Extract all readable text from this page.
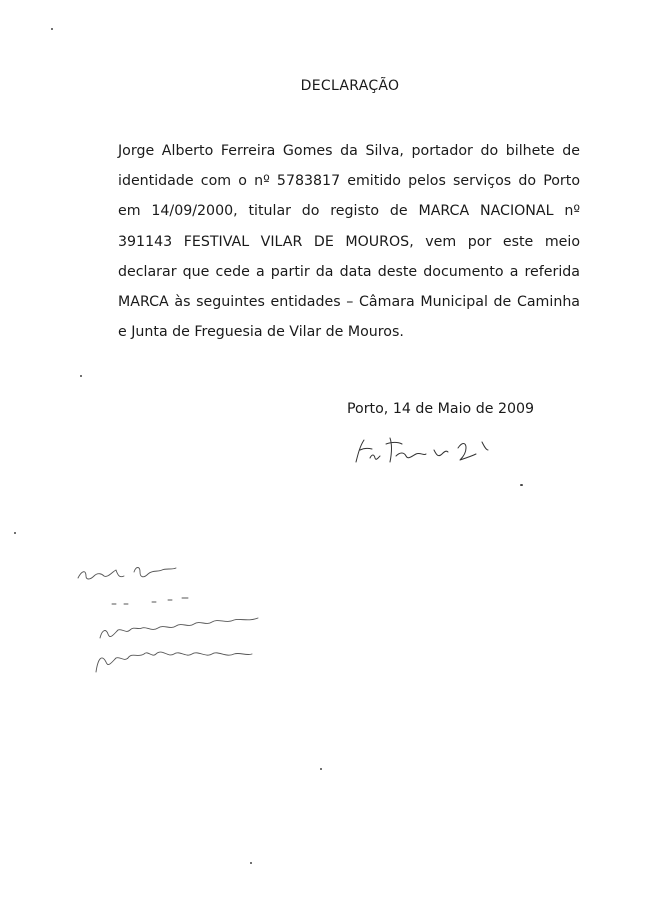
DECLARAÇÃO

Jorge Alberto Ferreira Gomes da Silva, portador do bilhete de identidade com o nº 5783817 emitido pelos serviços do Porto em 14/09/2000, titular do registo de MARCA NACIONAL nº 391143 FESTIVAL VILAR DE MOUROS, vem por este meio declarar que cede a partir da data deste documento a referida MARCA às seguintes entidades – Câmara Municipal de Caminha e Junta de Freguesia de Vilar de Mouros.

Porto, 14 de Maio de 2009
